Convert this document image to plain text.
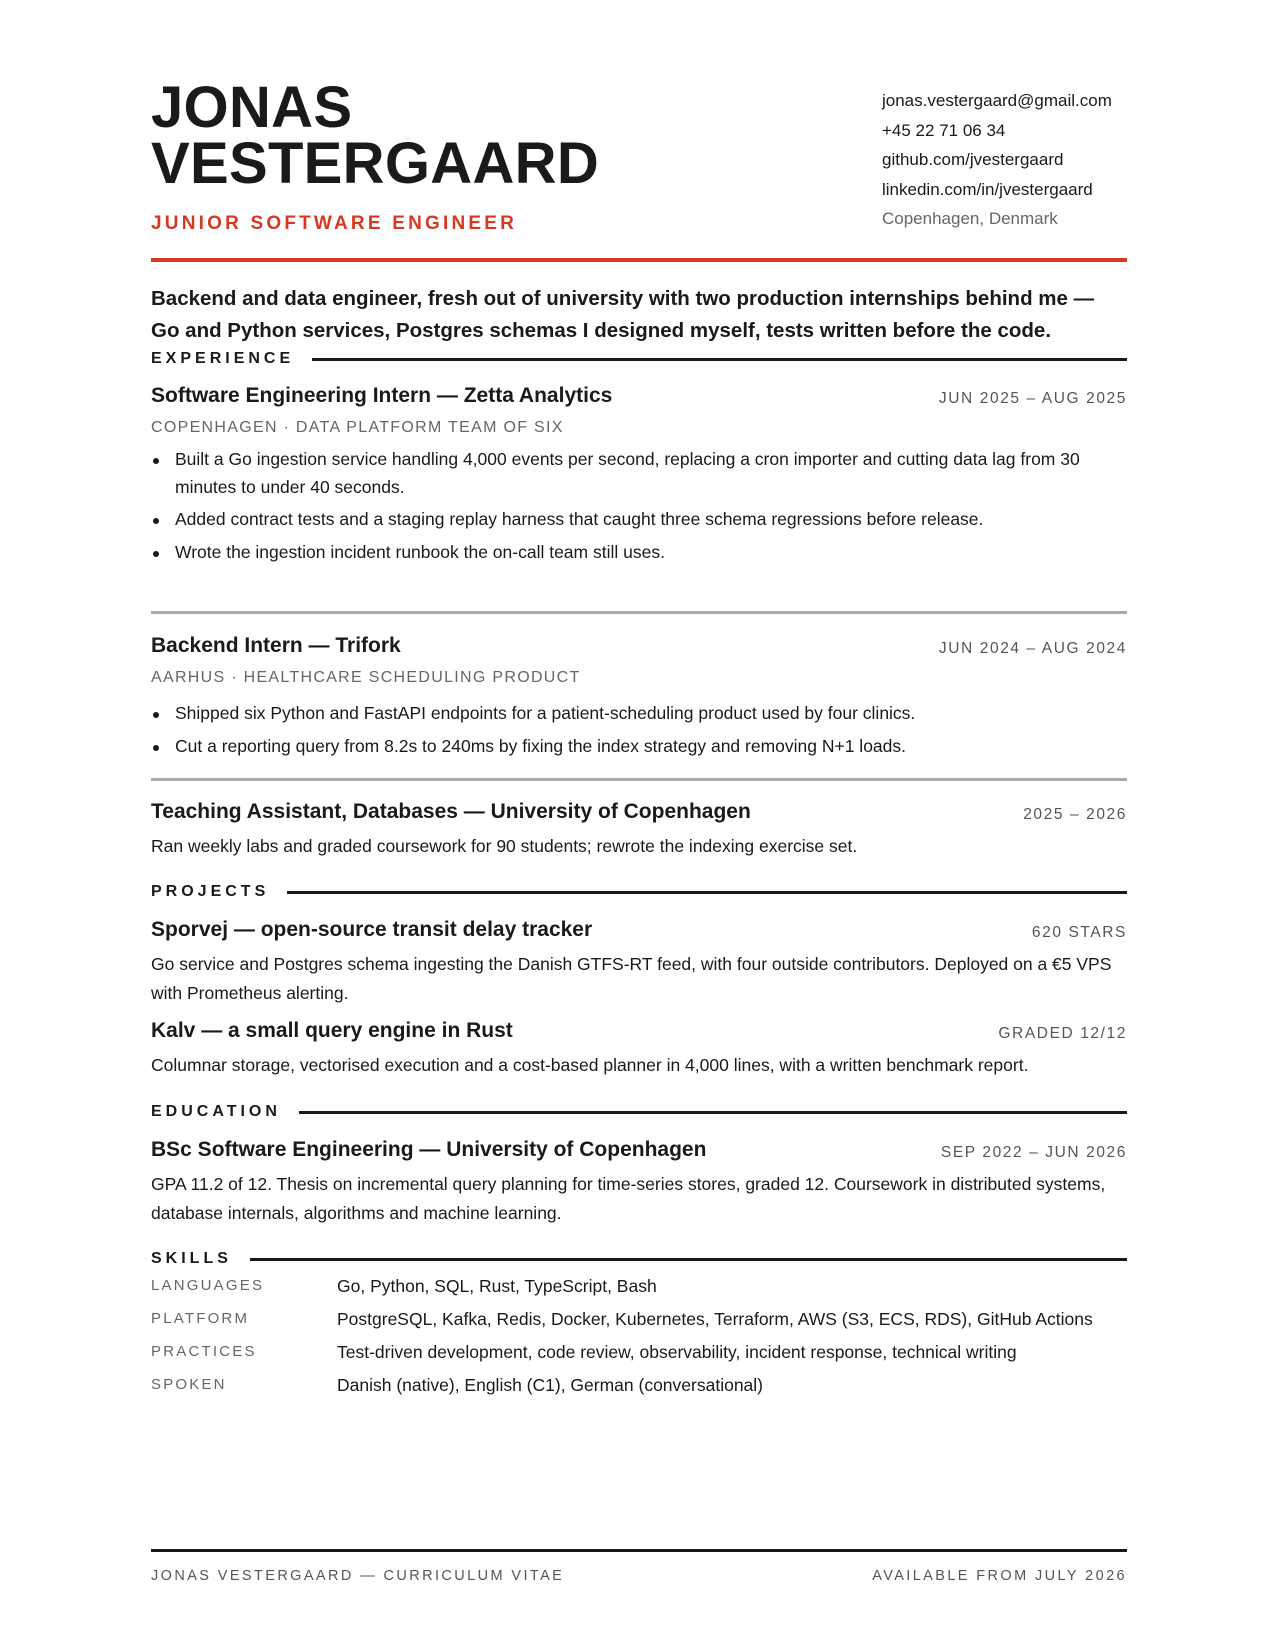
JONAS
VESTERGAARD
JUNIOR SOFTWARE ENGINEER
jonas.vestergaard@gmail.com
+45 22 71 06 34
github.com/jvestergaard
linkedin.com/in/jvestergaard
Copenhagen, Denmark
Backend and data engineer, fresh out of university with two production internships behind me — Go and Python services, Postgres schemas I designed myself, tests written before the code.
EXPERIENCE
Software Engineering Intern — Zetta Analytics	JUN 2025 – AUG 2025
COPENHAGEN · DATA PLATFORM TEAM OF SIX
Built a Go ingestion service handling 4,000 events per second, replacing a cron importer and cutting data lag from 30 minutes to under 40 seconds.
Added contract tests and a staging replay harness that caught three schema regressions before release.
Wrote the ingestion incident runbook the on-call team still uses.
Backend Intern — Trifork	JUN 2024 – AUG 2024
AARHUS · HEALTHCARE SCHEDULING PRODUCT
Shipped six Python and FastAPI endpoints for a patient-scheduling product used by four clinics.
Cut a reporting query from 8.2s to 240ms by fixing the index strategy and removing N+1 loads.
Teaching Assistant, Databases — University of Copenhagen	2025 – 2026
Ran weekly labs and graded coursework for 90 students; rewrote the indexing exercise set.
PROJECTS
Sporvej — open-source transit delay tracker	620 STARS
Go service and Postgres schema ingesting the Danish GTFS-RT feed, with four outside contributors. Deployed on a €5 VPS with Prometheus alerting.
Kalv — a small query engine in Rust	GRADED 12/12
Columnar storage, vectorised execution and a cost-based planner in 4,000 lines, with a written benchmark report.
EDUCATION
BSc Software Engineering — University of Copenhagen	SEP 2022 – JUN 2026
GPA 11.2 of 12. Thesis on incremental query planning for time-series stores, graded 12. Coursework in distributed systems, database internals, algorithms and machine learning.
SKILLS
LANGUAGES	Go, Python, SQL, Rust, TypeScript, Bash
PLATFORM	PostgreSQL, Kafka, Redis, Docker, Kubernetes, Terraform, AWS (S3, ECS, RDS), GitHub Actions
PRACTICES	Test-driven development, code review, observability, incident response, technical writing
SPOKEN	Danish (native), English (C1), German (conversational)
JONAS VESTERGAARD — CURRICULUM VITAE	AVAILABLE FROM JULY 2026
